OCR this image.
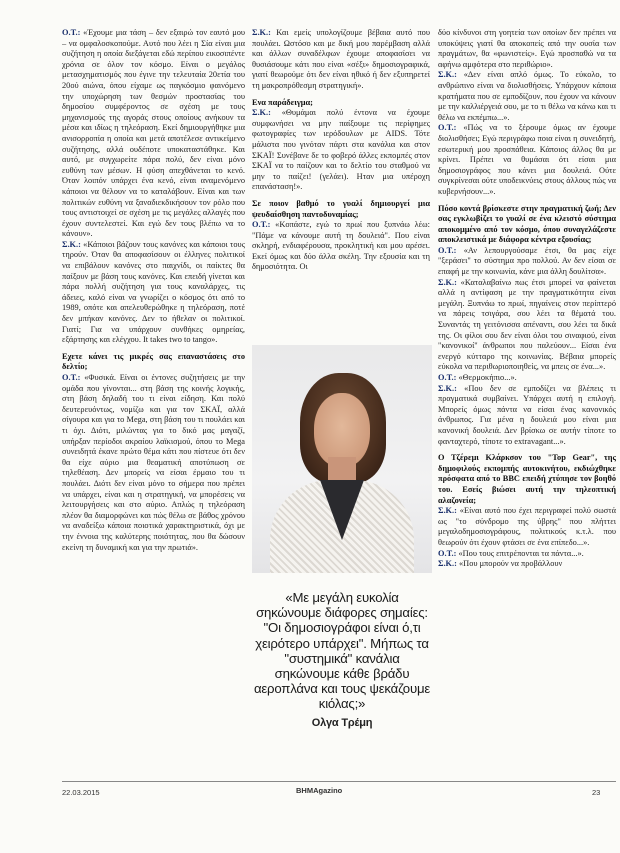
Ο.Τ.: «Έχουμε μια τάση – δεν εξαιρώ τον εαυτό μου – να ομφαλοσκοπούμε. Αυτό που λέει η Σία είναι μια συζήτηση η οποία διεξάγεται εδώ περίπου εικοσιπέντε χρόνια σε όλον τον κόσμο. Είναι ο μεγάλος μετασχηματισμός που έγινε την τελευταία 20ετία του 20ού αιώνα, όπου είχαμε ως παγκόσμιο φαινόμενο την υποχώρηση των θεσμών προστασίας του δημοσίου συμφέροντος σε σχέση με τους μηχανισμούς της αγοράς στους οποίους ανήκουν τα μέσα και ιδίως η τηλεόραση. Εκεί δημιουργήθηκε μια ανισορροπία η οποία και μετά αποτέλεσε αντικείμενο συζήτησης, αλλά ουδέποτε υποκαταστάθηκε. Και αυτό, με συγχωρείτε πάρα πολύ, δεν είναι μόνο ευθύνη των μέσων. Η φύση απεχθάνεται το κενό. Όταν λοιπόν υπάρχει ένα κενό, είναι αναμενόμενο κάποιοι να θέλουν να το καταλάβουν. Είναι και των πολιτικών ευθύνη να ξαναδιεκδικήσουν τον ρόλο που τους αντιστοιχεί σε σχέση με τις μεγάλες αλλαγές που έχουν συντελεστεί. Και εγώ δεν τους βλέπω να το κάνουν».

Σ.Κ.: «Κάποιοι βάζουν τους κανόνες και κάποιοι τους τηρούν. Όταν θα αποφασίσουν οι έλληνες πολιτικοί να επιβάλουν κανόνες στο παιχνίδι, οι παίκτες θα παίξουν με βάση τους κανόνες. Και επειδή γίνεται και πάρα πολλή συζήτηση για τους καναλάρχες, τις άδειες, καλό είναι να γνωρίζει ο κόσμος ότι από το 1989, οπότε και απελευθερώθηκε η τηλεόραση, ποτέ δεν μπήκαν κανόνες. Δεν το ήθελαν οι πολιτικοί. Γιατί; Για να υπάρχουν συνθήκες ομηρείας, εξάρτησης και ελέγχου. It takes two to tango».

Εχετε κάνει τις μικρές σας επαναστάσεις στο δελτίο;

Ο.Τ.: «Φυσικά. Είναι οι έντονες συζητήσεις με την ομάδα που γίνονται... στη βάση της κοινής λογικής, στη βάση δηλαδή του τι είναι είδηση. Και πολύ δευτερευόντως, νομίζω και για τον ΣΚΑΪ, αλλά σίγουρα και για το Mega, στη βάση του τι πουλάει και τι όχι. Διότι, μιλώντας για το δικό μας μαγαζί, υπήρξαν περίοδοι ακραίου λαϊκισμού, όπου το Mega συνειδητά έκανε πρώτο θέμα κάτι που πίστευε ότι δεν θα είχε αύριο μια θεαματική αποτύπωση σε τηλεθέαση. Δεν μπορείς να είσαι έρμαιο του τι πουλάει. Διότι δεν είναι μόνο το σήμερα που πρέπει να υπάρχει, είναι και η στρατηγική, να μπορέσεις να λειτουργήσεις και στο αύριο. Απλώς η τηλεόραση πλέον θα διαμορφώνει και πώς θέλω σε βάθος χρόνου να αναδείξω κάποια ποιοτικά χαρακτηριστικά, όχι με την έννοια της καλύτερης ποιότητας, που θα δώσουν εκείνη τη δυναμική και για την πρωτιά».

Σ.Κ.: Και εμείς υπολογίζουμε βέβαια αυτό που πουλάει. Ωστόσο και με δική μου παρέμβαση αλλά και άλλων συναδέλφων έχουμε αποφασίσει να θυσιάσουμε κάτι που είναι «σέξι» δημοσιογραφικά, γιατί θεωρούμε ότι δεν είναι ηθικό ή δεν εξυπηρετεί τη μακροπρόθεσμη στρατηγική».

Ενα παράδειγμα;

Σ.Κ.: «Θυμάμαι πολύ έντονα να έχουμε συμφωνήσει να μην παίξουμε τις περίφημες φωτογραφίες των ιερόδουλων με AIDS. Τότε μάλιστα που γινόταν πάρτι στα κανάλια και στον ΣΚΑΪ! Συνέβανε δε το φοβερό άλλες εκπομπές στον ΣΚΑΪ να το παίζουν και το δελτίο του σταθμού να μην το παίζει! (γελάει). Ηταν μια υπέροχη επανάσταση!».

Σε ποιον βαθμό το γυαλί δημιουργεί μια ψευδαίσθηση παντοδυναμίας;

Ο.Τ.: «Κοπάστε, εγώ το πρωί που ξυπνάω λέω: "Πάμε να κάνουμε αυτή τη δουλειά". Που είναι σκληρή, ενδιαφέρουσα, προκλητική και μου αρέσει. Εκεί όμως και δύο άλλα σκέλη. Την εξουσία και τη δημοσιότητα. Οι

δύο κίνδυνοι στη γοητεία των οποίων δεν πρέπει να υποκύψεις γιατί θα αποκοπείς από την ουσία των πραγμάτων, θα «φωνιστείς». Εγώ προσπαθώ να τα αφήνω αμφότερα στο περιθώριο».

Σ.Κ.: «Δεν είναι απλό όμως. Το εύκολο, το ανθρώπινο είναι να διολισθήσεις. Υπάρχουν κάποια κρατήματα που σε εμποδίζουν, που έχουν να κάνουν με την καλλιέργειά σου, με το τι θέλω να κάνω και τι θέλω να εκπέμπω...».

Ο.Τ.: «Πώς να το ξέρουμε όμως αν έχουμε διολισθήσει; Εγώ περιγράφω ποια είναι η συνειδητή, εσωτερική μου προσπάθεια. Κάποιος άλλος θα με κρίνει. Πρέπει να θυμάσαι ότι είσαι μια δημοσιογράφος που κάνει μια δουλειά. Ούτε συγκρίνεσαι ούτε υποδεικνύεις στους άλλους πώς να κυβερνήσουν...».

Πόσο κοντά βρίσκεστε στην πραγματική ζωή; Δεν σας εγκλωβίζει το γυαλί σε ένα κλειστό σύστημα αποκομμένο από τον κόσμο, όπου συναγελάζεστε αποκλειστικά με διάφορα κέντρα εξουσίας;

Ο.Τ.: «Αν λεπουργούσαμε έτσι, θα μας είχε "ξεράσει" το σύστημα προ πολλού. Αν δεν είσαι σε επαφή με την κοινωνία, κάνε μια άλλη δουλίτσα».

Σ.Κ.: «Καταλαβαίνω πως έτσι μπορεί να φαίνεται αλλά η αντίφαση με την πραγματικότητα είναι μεγάλη. Ξυπνάω το πρωί, πηγαίνεις στον περίπτερό να πάρεις τσιγάρα, σου λέει τα θέματά του. Συναντάς τη γειτόνισσα απέναντι, σου λέει τα δικά της. Οι φίλοι σου δεν είναι όλοι του σιναφιού, είναι "κανονικοί" άνθρωποι που παλεύουν... Είσαι ένα ενεργό κύτταρο της κοινωνίας. Βέβαια μπορείς εύκολα να περιθωριοποιηθείς, να μπεις σε ένα...».

Ο.Τ.: «Θερμοκήπιο...».

Σ.Κ.: «Που δεν σε εμποδίζει να βλέπεις τι πραγματικά συμβαίνει. Υπάρχει αυτή η επιλογή. Μπορείς όμως πάντα να είσαι ένας κανονικός άνθρωπος. Για μένα η δουλειά μου είναι μια κανονική δουλειά. Δεν βρίσκω σε αυτήν τίποτε το φανταχτερό, τίποτε το extravagant...».

Ο Τζέρεμι Κλάρκσον του "Top Gear", της δημοφιλούς εκπομπής αυτοκινήτου, εκδιώχθηκε πρόσφατα από το BBC επειδή χτύπησε τον βοηθό του. Εσείς βιώσει αυτή την τηλεοπτική αλαζονεία;

Σ.Κ.: «Είναι αυτό που έχει περιγραφεί πολύ σωστά ως "το σύνδρομο της ύβρης" που πλήττει μεγαλοδημοσιογράφους, πολιτικούς κ.τ.λ. που θεωρούν ότι έχουν φτάσει σε ένα επίπεδο...».

Ο.Τ.: «Που τους επιτρέπονται τα πάντα...».

Σ.Κ.: «Που μπορούν να προβάλλουν

«Με μεγάλη ευκολία σηκώνουμε διάφορες σημαίες: "Οι δημοσιογράφοι είναι ό,τι χειρότερο υπάρχει". Μήπως τα "συστημικά" κανάλια σηκώνουμε κάθε βράδυ αεροπλάνα και τους ψεκάζουμε κιόλας;»
Ολγα Τρέμη
22.03.2015	ΒΗΜΑgazino	23
